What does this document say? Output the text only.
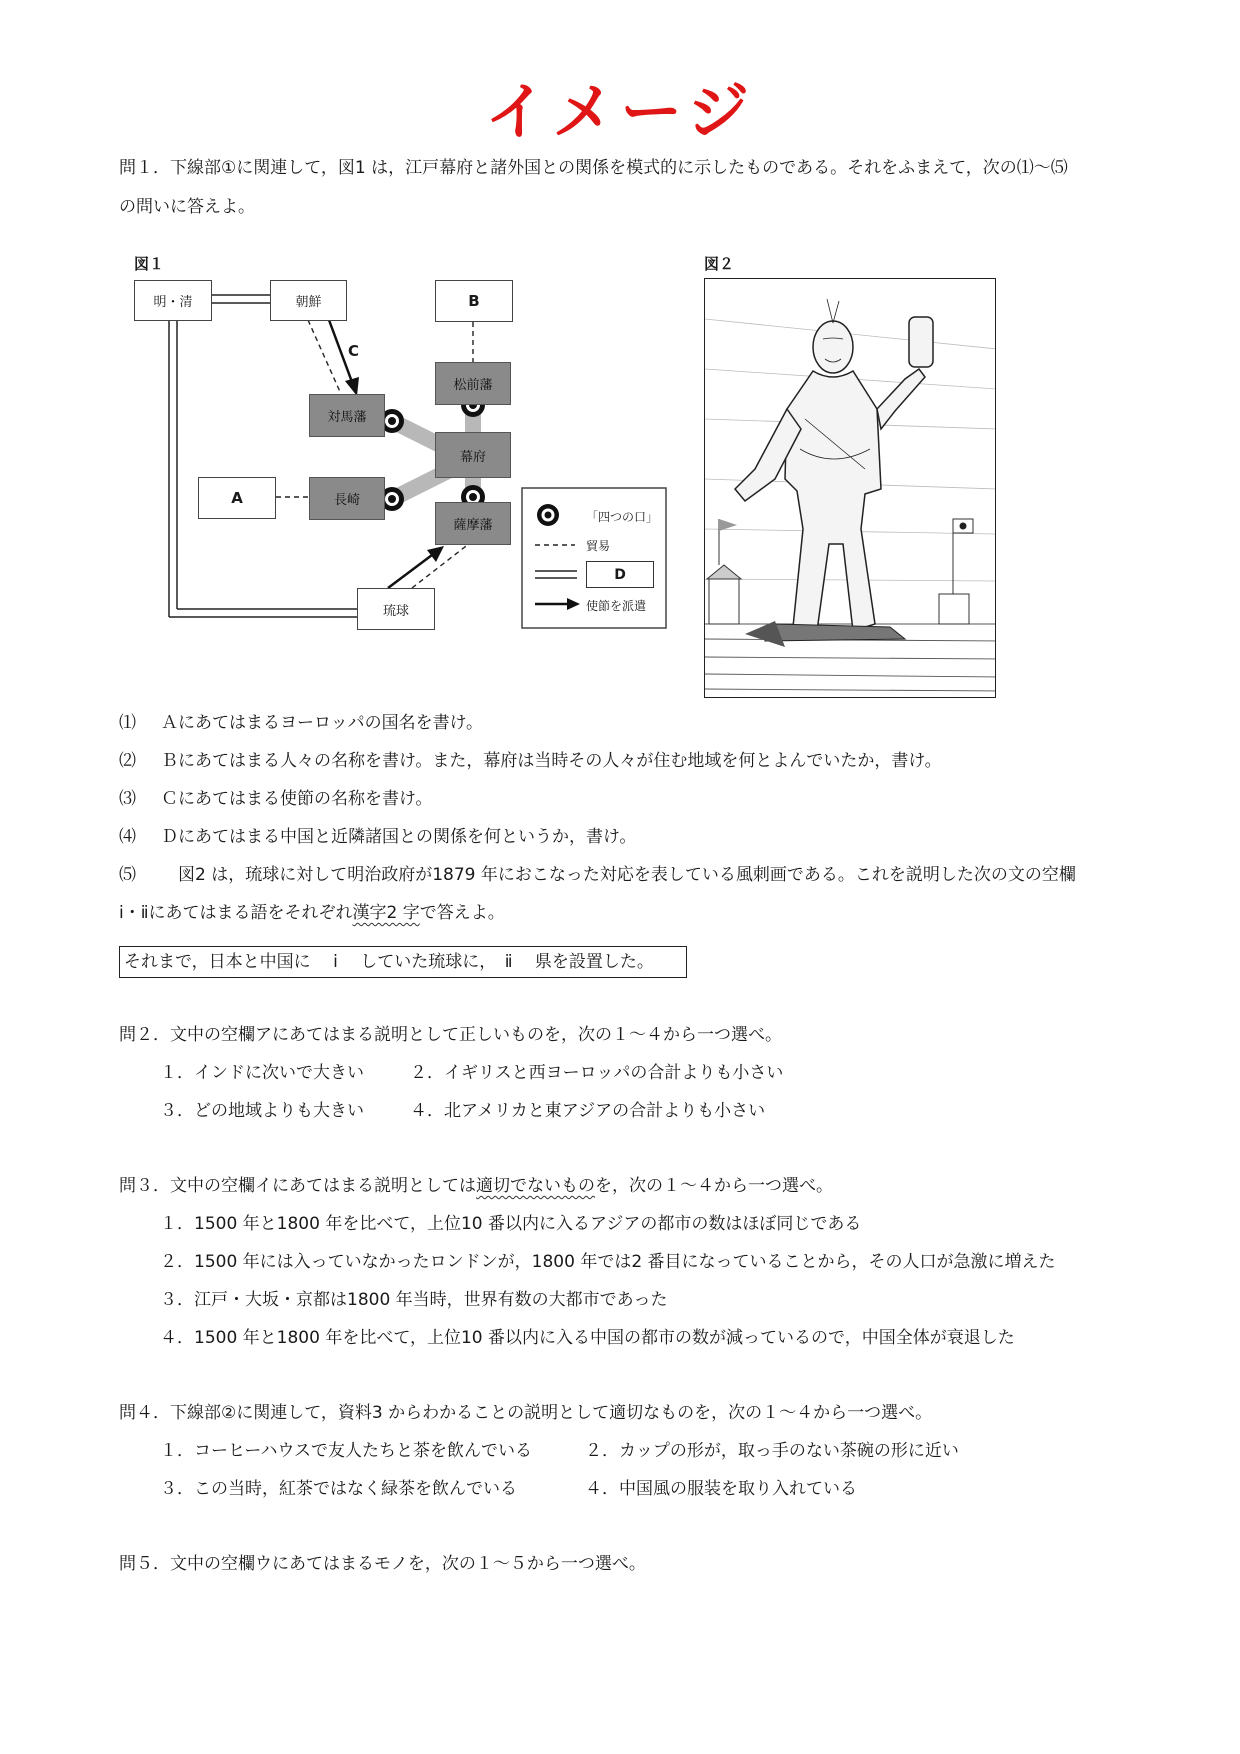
イメージ
問１．下線部①に関連して，図1 は，江戸幕府と諸外国との関係を模式的に示したものである。それをふまえて，次の⑴〜⑸
の問いに答えよ。
図１
明・清	朝鮮	B
松前藩
対馬藩
幕府
A	長崎
薩摩藩
琉球
C
「四つの口」
貿易
D
使節を派遣
図２
⑴ Ａにあてはまるヨーロッパの国名を書け。
⑵ Ｂにあてはまる人々の名称を書け。また，幕府は当時その人々が住む地域を何とよんでいたか，書け。
⑶ Ｃにあてはまる使節の名称を書け。
⑷ Ｄにあてはまる中国と近隣諸国との関係を何というか，書け。
⑸　図2 は，琉球に対して明治政府が1879 年におこなった対応を表している風刺画である。これを説明した次の文の空欄
ⅰ・ⅱにあてはまる語をそれぞれ漢字2 字で答えよ。
それまで，日本と中国に　 ⅰ 　していた琉球に，　ⅱ 　県を設置した。
問２．文中の空欄アにあてはまる説明として正しいものを，次の１〜４から一つ選べ。
１．インドに次いで大きい	２．イギリスと西ヨーロッパの合計よりも小さい
３．どの地域よりも大きい	４．北アメリカと東アジアの合計よりも小さい
問３．文中の空欄イにあてはまる説明としては適切でないものを，次の１〜４から一つ選べ。
１．1500 年と1800 年を比べて，上位10 番以内に入るアジアの都市の数はほぼ同じである
２．1500 年には入っていなかったロンドンが，1800 年では2 番目になっていることから，その人口が急激に増えた
３．江戸・大坂・京都は1800 年当時，世界有数の大都市であった
４．1500 年と1800 年を比べて，上位10 番以内に入る中国の都市の数が減っているので，中国全体が衰退した
問４．下線部②に関連して，資料3 からわかることの説明として適切なものを，次の１〜４から一つ選べ。
１．コーヒーハウスで友人たちと茶を飲んでいる	２．カップの形が，取っ手のない茶碗の形に近い
３．この当時，紅茶ではなく緑茶を飲んでいる	４．中国風の服装を取り入れている
問５．文中の空欄ウにあてはまるモノを，次の１〜５から一つ選べ。
